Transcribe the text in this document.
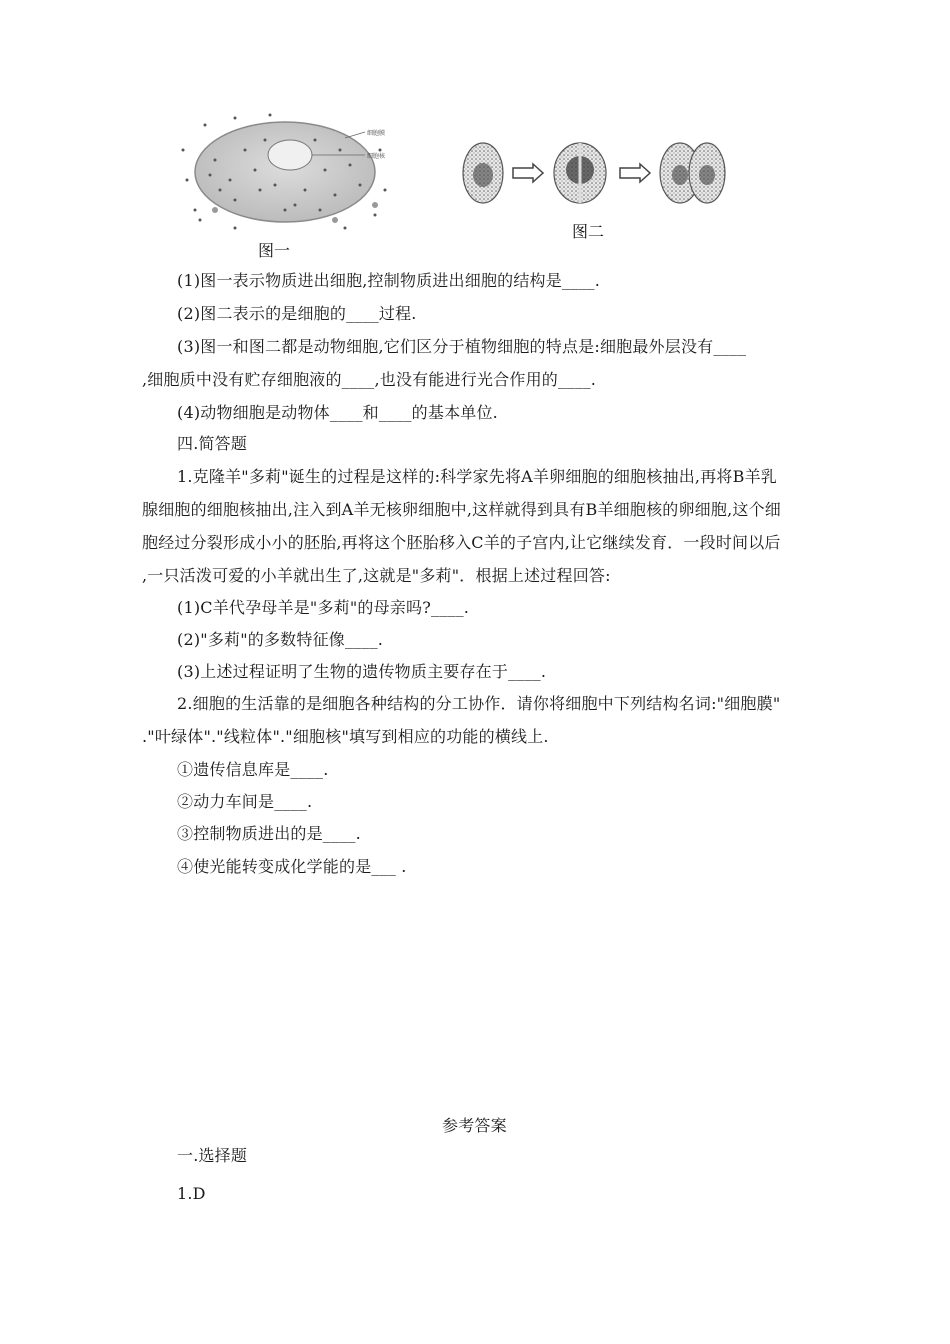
细胞膜
细胞核
图一
图二
(1)图一表示物质进出细胞,控制物质进出细胞的结构是____.
(2)图二表示的是细胞的____过程.
(3)图一和图二都是动物细胞,它们区分于植物细胞的特点是:细胞最外层没有____
,细胞质中没有贮存细胞液的____,也没有能进行光合作用的____.
(4)动物细胞是动物体____和____的基本单位.
四.简答题
1.克隆羊"多莉"诞生的过程是这样的:科学家先将A羊卵细胞的细胞核抽出,再将B羊乳
腺细胞的细胞核抽出,注入到A羊无核卵细胞中,这样就得到具有B羊细胞核的卵细胞,这个细
胞经过分裂形成小小的胚胎,再将这个胚胎移入C羊的子宫内,让它继续发育．一段时间以后
,一只活泼可爱的小羊就出生了,这就是"多莉"．根据上述过程回答:
(1)C羊代孕母羊是"多莉"的母亲吗?____.
(2)"多莉"的多数特征像____.
(3)上述过程证明了生物的遗传物质主要存在于____.
2.细胞的生活靠的是细胞各种结构的分工协作．请你将细胞中下列结构名词:"细胞膜"
."叶绿体"."线粒体"."细胞核"填写到相应的功能的横线上.
①遗传信息库是____.
②动力车间是____.
③控制物质进出的是____.
④使光能转变成化学能的是___ .
参考答案
一.选择题
1.D
